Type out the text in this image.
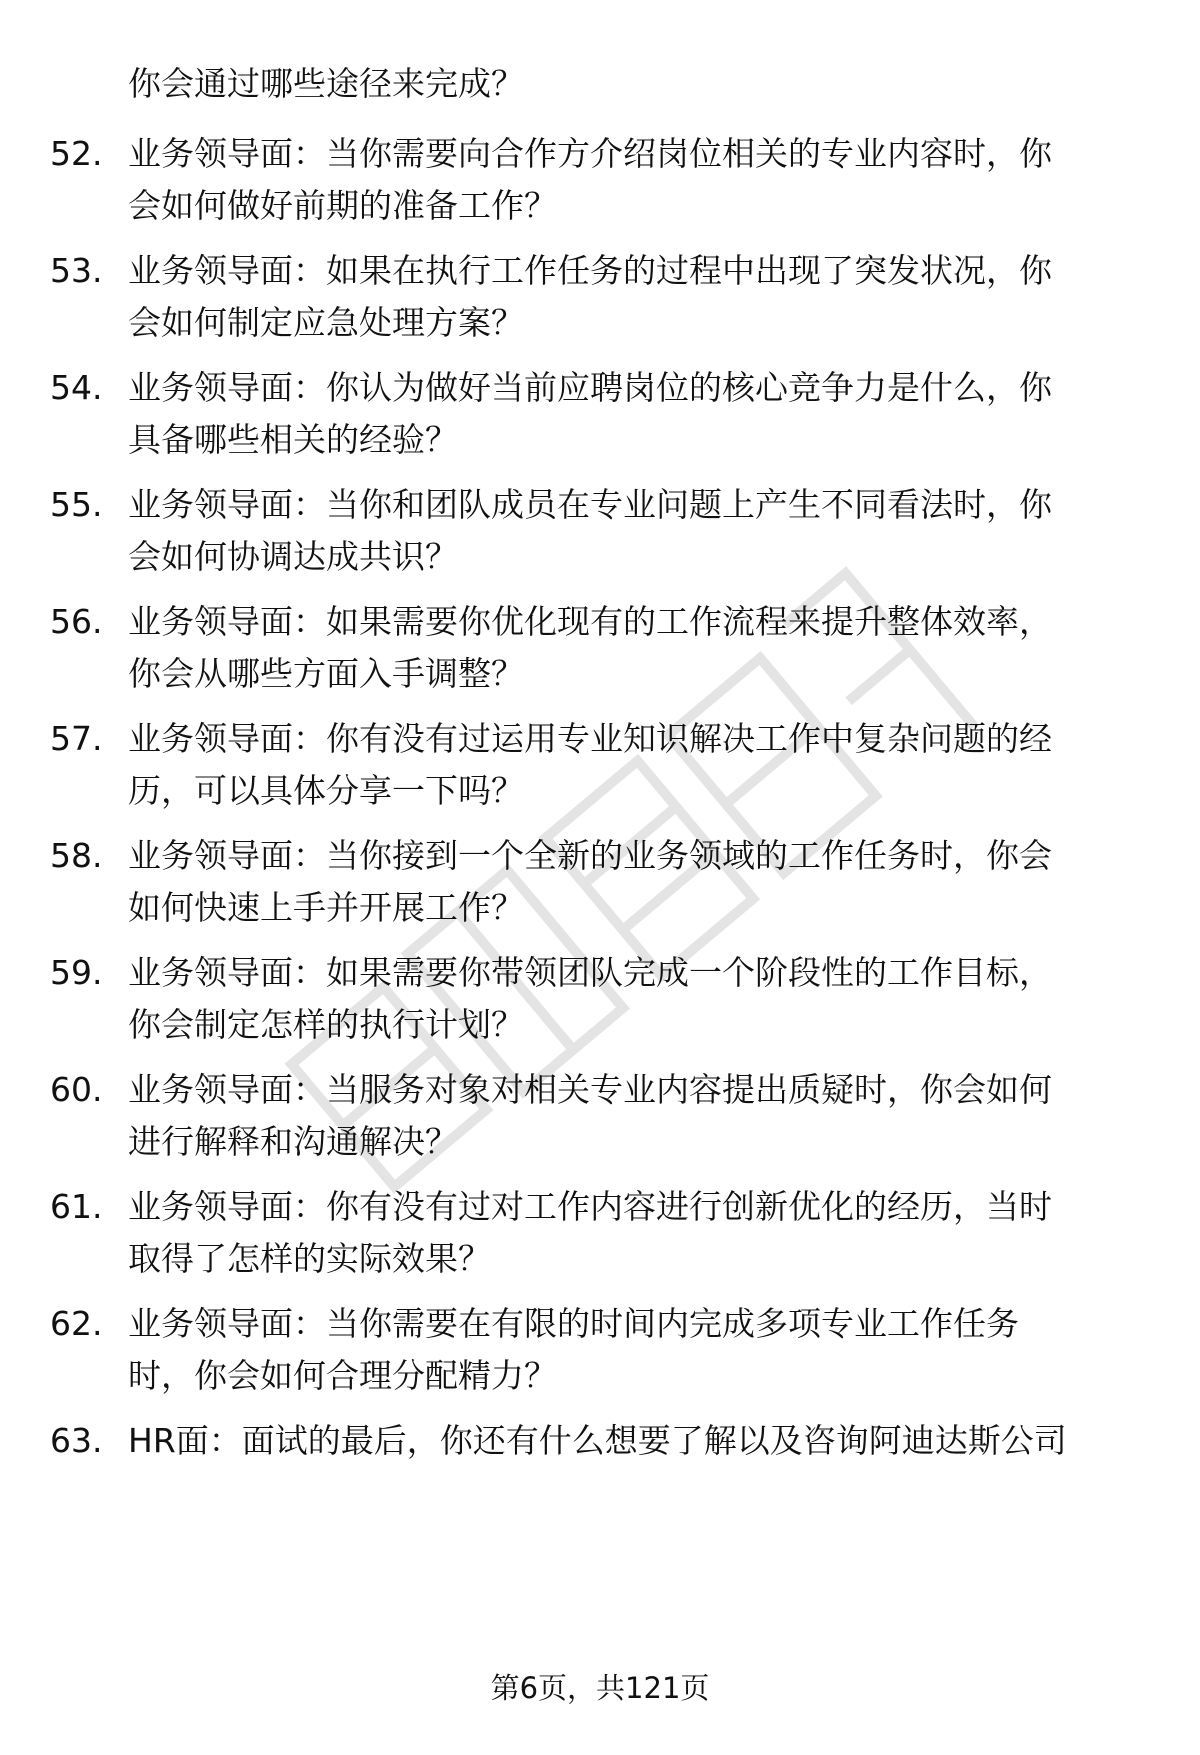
你会通过哪些途径来完成？
52. 业务领导面：当你需要向合作方介绍岗位相关的专业内容时，你
会如何做好前期的准备工作？
53. 业务领导面：如果在执行工作任务的过程中出现了突发状况，你
会如何制定应急处理方案？
54. 业务领导面：你认为做好当前应聘岗位的核心竞争力是什么，你
具备哪些相关的经验？
55. 业务领导面：当你和团队成员在专业问题上产生不同看法时，你
会如何协调达成共识？
56. 业务领导面：如果需要你优化现有的工作流程来提升整体效率，
你会从哪些方面入手调整？
57. 业务领导面：你有没有过运用专业知识解决工作中复杂问题的经
历，可以具体分享一下吗？
58. 业务领导面：当你接到一个全新的业务领域的工作任务时，你会
如何快速上手并开展工作？
59. 业务领导面：如果需要你带领团队完成一个阶段性的工作目标，
你会制定怎样的执行计划？
60. 业务领导面：当服务对象对相关专业内容提出质疑时，你会如何
进行解释和沟通解决？
61. 业务领导面：你有没有过对工作内容进行创新优化的经历，当时
取得了怎样的实际效果？
62. 业务领导面：当你需要在有限的时间内完成多项专业工作任务
时，你会如何合理分配精力？
63. HR面：面试的最后，你还有什么想要了解以及咨询阿迪达斯公司
第6页，共121页
